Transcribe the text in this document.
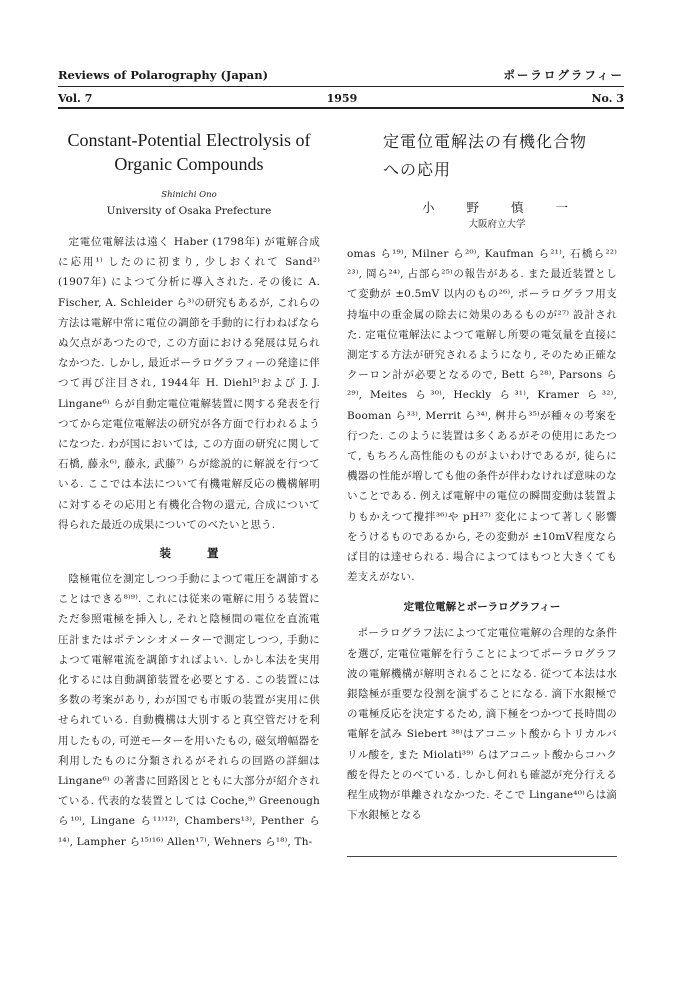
Reviews of Polarography (Japan)	ポーラログラフィー
Vol. 7	1959	No. 3
Constant-Potential Electrolysis of
Organic Compounds
Shinichi Ono
University of Osaka Prefecture

定電位電解法は遠く Haber (1798年) が電解合成に応用¹⁾ したのに初まり, 少しおくれて Sand²⁾ (1907年) によつて分析に導入された. その後に A. Fischer, A. Schleider ら³⁾の研究もあるが, これらの方法は電解中常に電位の調節を手動的に行わねばならぬ欠点があつたので, この方面における発展は見られなかつた. しかし, 最近ポーラログラフィーの発達に伴つて再び注目され, 1944年 H. Diehl⁵⁾および J. J. Lingane⁶⁾ らが自動定電位電解装置に関する発表を行つてから定電位電解法の研究が各方面で行われるようになつた. わが国においては, この方面の研究に関して石橋, 藤永⁶⁾, 藤永, 武藤⁷⁾ らが総説的に解説を行つている. ここでは本法について有機電解反応の機構解明に対するその応用と有機化合物の還元, 合成について得られた最近の成果についてのべたいと思う.

装置

陰極電位を測定しつつ手動によつて電圧を調節することはできる⁸⁾⁹⁾. これには従来の電解に用うる装置にただ参照電極を挿入し, それと陰極間の電位を直流電圧計またはポテンシオメーターで測定しつつ, 手動によつて電解電流を調節すればよい. しかし本法を実用化するには自動調節装置を必要とする. この装置には多数の考案があり, わが国でも市販の装置が実用に供せられている. 自動機構は大別すると真空管だけを利用したもの, 可逆モーターを用いたもの, 磁気増幅器を利用したものに分類されるがそれらの回路の詳細は Lingane⁶⁾ の著書に回路図とともに大部分が紹介されている. 代表的な装置としては Coche,⁹⁾ Greenough ら¹⁰⁾, Lingane ら¹¹⁾¹²⁾, Chambers¹³⁾, Penther ら¹⁴⁾, Lampher ら¹⁵⁾¹⁶⁾ Allen¹⁷⁾, Wehners ら¹⁸⁾, Th-

定電位電解法の有機化合物
への応用
小 野 慎 一
大阪府立大学

omas ら¹⁹⁾, Milner ら²⁰⁾, Kaufman ら²¹⁾, 石橋ら²²⁾²³⁾, 岡ら²⁴⁾, 占部ら²⁵⁾の報告がある. また最近装置として変動が ±0.5mV 以内のもの²⁶⁾, ポーラログラフ用支持塩中の重金属の除去に効果のあるものが²⁷⁾ 設計された. 定電位電解法によつて電解し所要の電気量を直接に測定する方法が研究されるようになり, そのため正確なクーロン計が必要となるので, Bett ら²⁸⁾, Parsons ら²⁹⁾, Meites ら³⁰⁾, Heckly ら³¹⁾, Kramer ら³²⁾, Booman ら³³⁾, Merrit ら³⁴⁾, 桝井ら³⁵⁾が種々の考案を行つた. このように装置は多くあるがその使用にあたつて, もちろん高性能のものがよいわけであるが, 徒らに機器の性能が増しても他の条件が伴わなければ意味のないことである. 例えば電解中の電位の瞬間変動は装置よりもかえつて攪拌³⁶⁾や pH³⁷⁾ 変化によつて著しく影響をうけるものであるから, その変動が ±10mV程度ならば目的は達せられる. 場合によつてはもつと大きくても差支えがない.

定電位電解とポーラログラフィー

ポーラログラフ法によつて定電位電解の合理的な条件を選び, 定電位電解を行うことによつてポーラログラフ波の電解機構が解明されることになる. 従つて本法は水銀陰極が重要な役割を演ずることになる. 滴下水銀極での電極反応を決定するため, 滴下極をつかつて長時間の電解を試み Siebert ³⁸⁾はアコニット酸からトリカルバリル酸を, また Miolati³⁹⁾ らはアコニット酸からコハク酸を得たとのべている. しかし何れも確認が充分行える程生成物が単離されなかつた. そこで Lingane⁴⁰⁾らは滴下水銀極となる
